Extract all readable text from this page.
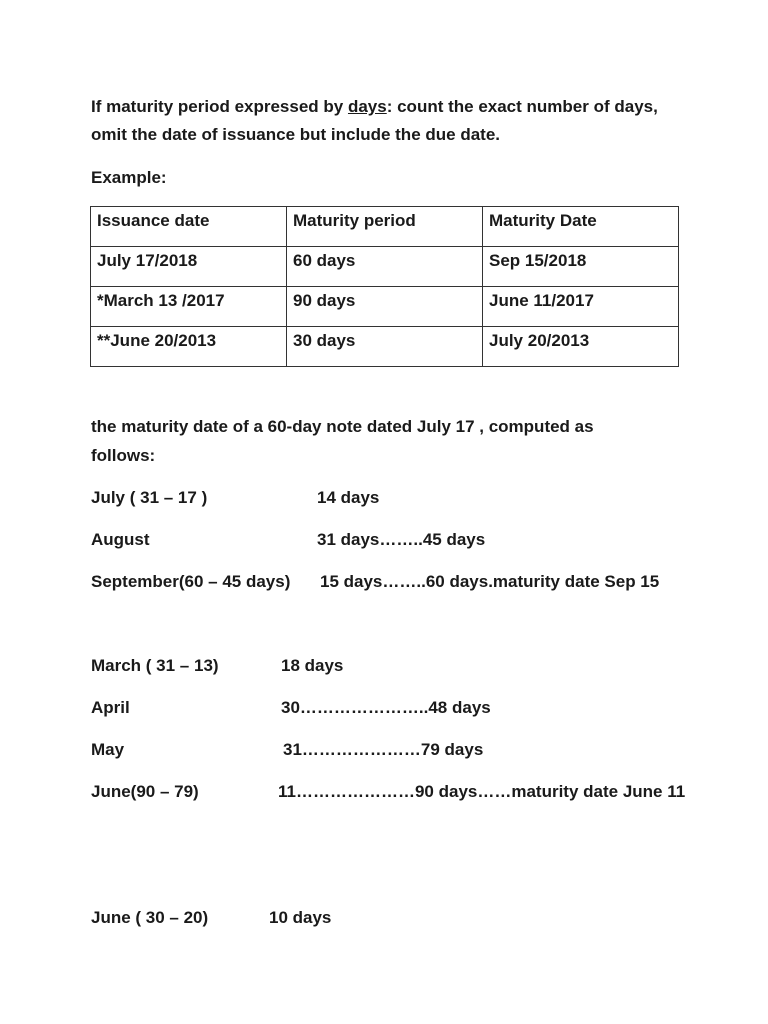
If maturity period expressed by days: count the exact number of days,
omit the date of issuance but include the due date.
Example:
Issuance date	Maturity period	Maturity Date
July 17/2018	60 days	Sep 15/2018
*March 13 /2017	90 days	June 11/2017
**June 20/2013	30 days	July 20/2013
the maturity date of a 60-day note dated July 17 , computed as
follows:
July ( 31 – 17 )	14 days
August	31 days……..45 days
September(60 – 45 days) 15 days……..60 days.maturity date Sep 15
March ( 31 – 13)	18 days
April	30…………………..48 days
May	31…………………79 days
June(90 – 79)	11…………………90 days……maturity date June 11
June ( 30 – 20)	10 days
